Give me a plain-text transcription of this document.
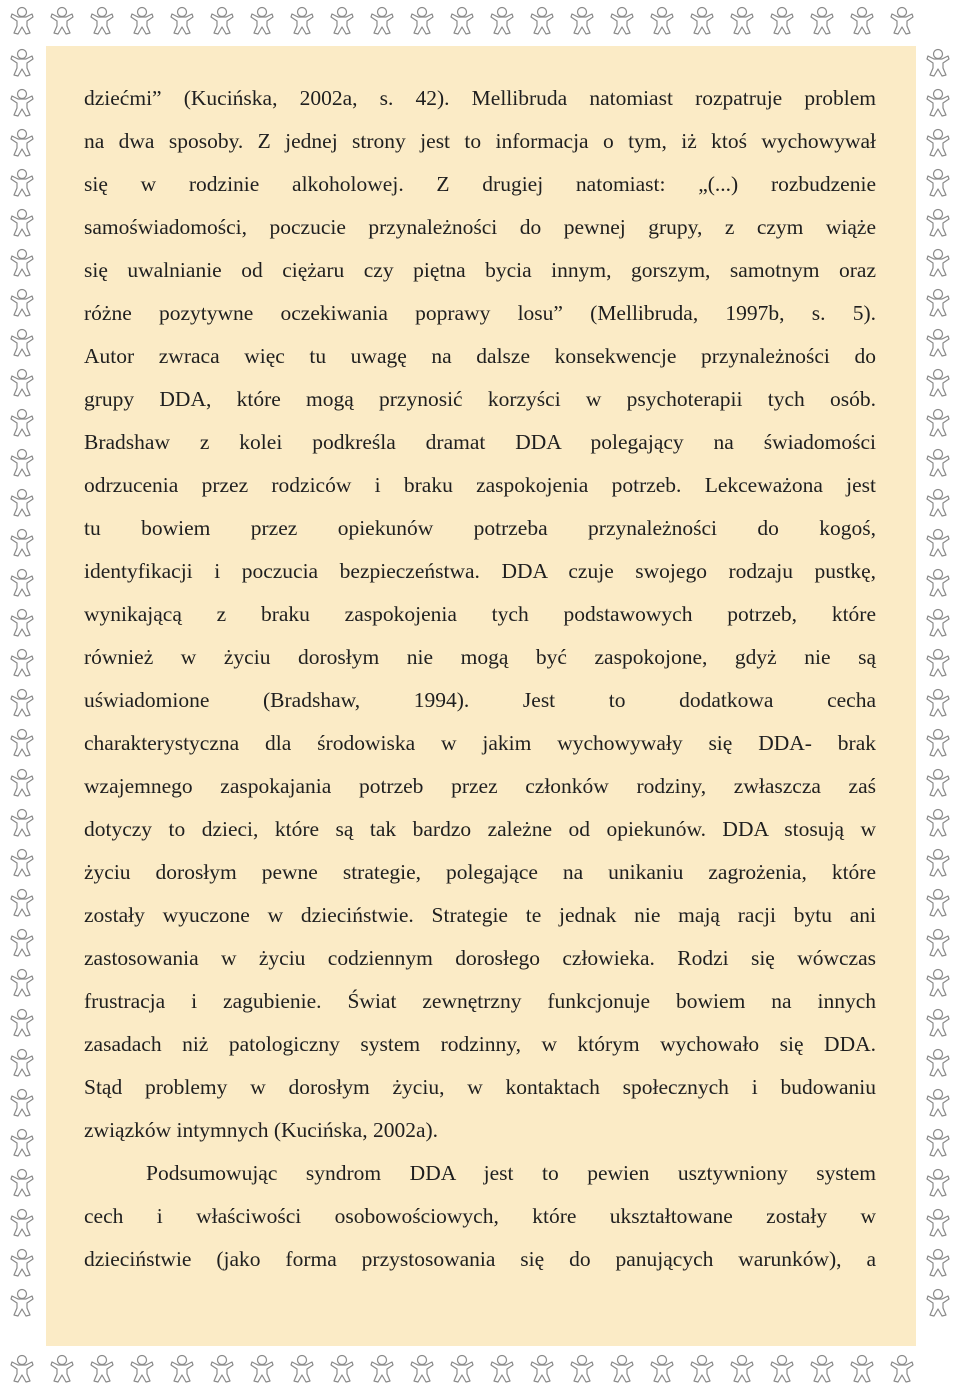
dziećmi” (Kucińska, 2002a, s. 42). Mellibruda natomiast rozpatruje problem
na dwa sposoby. Z jednej strony jest to informacja o tym, iż ktoś wychowywał
się w rodzinie alkoholowej. Z drugiej natomiast: „(...) rozbudzenie
samoświadomości, poczucie przynależności do pewnej grupy, z czym wiąże
się uwalnianie od ciężaru czy piętna bycia innym, gorszym, samotnym oraz
różne pozytywne oczekiwania poprawy losu” (Mellibruda, 1997b, s. 5).
Autor zwraca więc tu uwagę na dalsze konsekwencje przynależności do
grupy DDA, które mogą przynosić korzyści w psychoterapii tych osób.
Bradshaw z kolei podkreśla dramat DDA polegający na świadomości
odrzucenia przez rodziców i braku zaspokojenia potrzeb. Lekceważona jest
tu bowiem przez opiekunów potrzeba przynależności do kogoś,
identyfikacji i poczucia bezpieczeństwa. DDA czuje swojego rodzaju pustkę,
wynikającą z braku zaspokojenia tych podstawowych potrzeb, które
również w życiu dorosłym nie mogą być zaspokojone, gdyż nie są
uświadomione (Bradshaw, 1994). Jest to dodatkowa cecha
charakterystyczna dla środowiska w jakim wychowywały się DDA- brak
wzajemnego zaspokajania potrzeb przez członków rodziny, zwłaszcza zaś
dotyczy to dzieci, które są tak bardzo zależne od opiekunów. DDA stosują w
życiu dorosłym pewne strategie, polegające na unikaniu zagrożenia, które
zostały wyuczone w dzieciństwie. Strategie te jednak nie mają racji bytu ani
zastosowania w życiu codziennym dorosłego człowieka. Rodzi się wówczas
frustracja i zagubienie. Świat zewnętrzny funkcjonuje bowiem na innych
zasadach niż patologiczny system rodzinny, w którym wychowało się DDA.
Stąd problemy w dorosłym życiu, w kontaktach społecznych i budowaniu
związków intymnych (Kucińska, 2002a).
Podsumowując syndrom DDA jest to pewien usztywniony system
cech i właściwości osobowościowych, które ukształtowane zostały w
dzieciństwie (jako forma przystosowania się do panujących warunków), a
